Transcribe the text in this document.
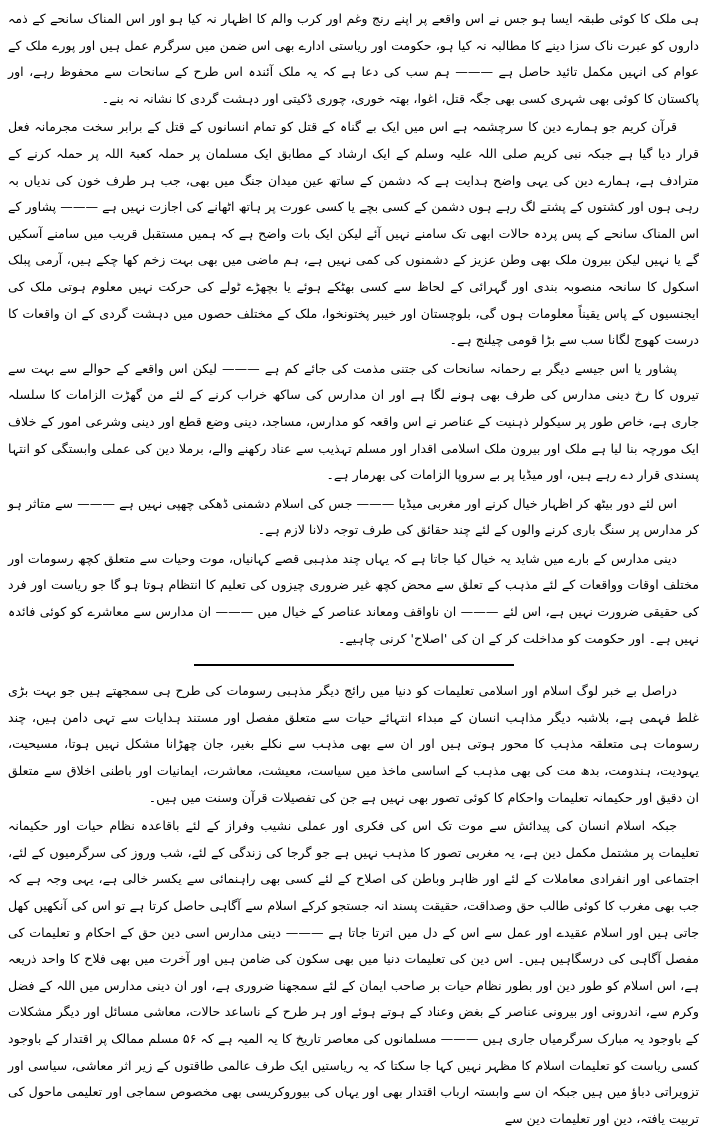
ہی ملک کا کوئی طبقہ ایسا ہو جس نے اس واقعے پر اپنے رنج وغم اور کرب والم کا اظہار نہ کیا ہو اور اس المناک سانحے کے ذمہ داروں کو عبرت ناک سزا دینے کا مطالبہ نہ کیا ہو، حکومت اور ریاستی ادارے بھی اس ضمن میں سرگرم عمل ہیں اور پورے ملک کے عوام کی انہیں مکمل تائید حاصل ہے ——— ہم سب کی دعا ہے کہ یہ ملک آئندہ اس طرح کے سانحات سے محفوظ رہے، اور پاکستان کا کوئی بھی شہری کسی بھی جگہ قتل، اغوا، بھتہ خوری، چوری ڈکیتی اور دہشت گردی کا نشانہ نہ بنے۔

قرآن کریم جو ہمارے دین کا سرچشمہ ہے اس میں ایک بے گناہ کے قتل کو تمام انسانوں کے قتل کے برابر سخت مجرمانہ فعل قرار دیا گیا ہے جبکہ نبی کریم صلی اللہ علیہ وسلم کے ایک ارشاد کے مطابق ایک مسلمان پر حملہ کعبۃ اللہ پر حملہ کرنے کے مترادف ہے، ہمارے دین کی یہی واضح ہدایت ہے کہ دشمن کے ساتھ عین میدان جنگ میں بھی، جب ہر طرف خون کی ندیاں بہ رہی ہوں اور کشتوں کے پشتے لگ رہے ہوں دشمن کے کسی بچے یا کسی عورت پر ہاتھ اٹھانے کی اجازت نہیں ہے ——— پشاور کے اس المناک سانحے کے پس پردہ حالات ابھی تک سامنے نہیں آئے لیکن ایک بات واضح ہے کہ ہمیں مستقبل قریب میں سامنے آسکیں گے یا نہیں لیکن بیرون ملک بھی وطن عزیز کے دشمنوں کی کمی نہیں ہے، ہم ماضی میں بھی بہت زخم کھا چکے ہیں، آرمی پبلک اسکول کا سانحہ منصوبہ بندی اور گہرائی کے لحاظ سے کسی بھٹکے ہوئے یا بچھڑے ٹولے کی حرکت نہیں معلوم ہوتی ملک کی ایجنسیوں کے پاس یقیناً معلومات ہوں گی، بلوچستان اور خیبر پختونخوا، ملک کے مختلف حصوں میں دہشت گردی کے ان واقعات کا درست کھوج لگانا سب سے بڑا قومی چیلنج ہے۔

پشاور یا اس جیسے دیگر بے رحمانہ سانحات کی جتنی مذمت کی جائے کم ہے ——— لیکن اس واقعے کے حوالے سے بہت سے تیروں کا رخ دینی مدارس کی طرف بھی ہونے لگا ہے اور ان مدارس کی ساکھ خراب کرنے کے لئے من گھڑت الزامات کا سلسلہ جاری ہے، خاص طور پر سیکولر ذہنیت کے عناصر نے اس واقعہ کو مدارس، مساجد، دینی وضع قطع اور دینی وشرعی امور کے خلاف ایک مورچہ بنا لیا ہے ملک اور بیرون ملک اسلامی اقدار اور مسلم تہذیب سے عناد رکھنے والے، برملا دین کی عملی وابستگی کو انتہا پسندی قرار دے رہے ہیں، اور میڈیا پر بے سروپا الزامات کی بھرمار ہے۔

اس لئے دور بیٹھ کر اظہار خیال کرنے اور مغربی میڈیا ——— جس کی اسلام دشمنی ڈھکی چھپی نہیں ہے ——— سے متاثر ہو کر مدارس پر سنگ باری کرنے والوں کے لئے چند حقائق کی طرف توجہ دلانا لازم ہے۔

دینی مدارس کے بارے میں شاید یہ خیال کیا جاتا ہے کہ یہاں چند مذہبی قصے کہانیاں، موت وحیات سے متعلق کچھ رسومات اور مختلف اوقات وواقعات کے لئے مذہب کے تعلق سے محض کچھ غیر ضروری چیزوں کی تعلیم کا انتظام ہوتا ہو گا جو ریاست اور فرد کی حقیقی ضرورت نہیں ہے، اس لئے ——— ان ناواقف ومعاند عناصر کے خیال میں ——— ان مدارس سے معاشرے کو کوئی فائدہ نہیں ہے۔ اور حکومت کو مداخلت کر کے ان کی 'اصلاح' کرنی چاہیے۔

دراصل بے خبر لوگ اسلام اور اسلامی تعلیمات کو دنیا میں رائج دیگر مذہبی رسومات کی طرح ہی سمجھتے ہیں جو بہت بڑی غلط فہمی ہے، بلاشبہ دیگر مذاہب انسان کے مبداء انتہائے حیات سے متعلق مفصل اور مستند ہدایات سے تہی دامن ہیں، چند رسومات ہی متعلقہ مذہب کا محور ہوتی ہیں اور ان سے بھی مذہب سے نکلے بغیر، جان چھڑانا مشکل نہیں ہوتا، مسیحیت، یہودیت، ہندومت، بدھ مت کی بھی مذہب کے اساسی ماخذ میں سیاست، معیشت، معاشرت، ایمانیات اور باطنی اخلاق سے متعلق ان دقیق اور حکیمانہ تعلیمات واحکام کا کوئی تصور بھی نہیں ہے جن کی تفصیلات قرآن وسنت میں ہیں۔

جبکہ اسلام انسان کی پیدائش سے موت تک اس کی فکری اور عملی نشیب وفراز کے لئے باقاعدہ نظام حیات اور حکیمانہ تعلیمات پر مشتمل مکمل دین ہے، یہ مغربی تصور کا مذہب نہیں ہے جو گرجا کی زندگی کے لئے، شب وروز کی سرگرمیوں کے لئے، اجتماعی اور انفرادی معاملات کے لئے اور ظاہر وباطن کی اصلاح کے لئے کسی بھی راہنمائی سے یکسر خالی ہے، یہی وجہ ہے کہ جب بھی مغرب کا کوئی طالب حق وصداقت، حقیقت پسند انہ جستجو کرکے اسلام سے آگاہی حاصل کرتا ہے تو اس کی آنکھیں کھل جاتی ہیں اور اسلام عقیدے اور عمل سے اس کے دل میں اترتا جاتا ہے ——— دینی مدارس اسی دین حق کے احکام و تعلیمات کی مفصل آگاہی کی درسگاہیں ہیں۔ اس دین کی تعلیمات دنیا میں بھی سکون کی ضامن ہیں اور آخرت میں بھی فلاح کا واحد ذریعہ ہے، اس اسلام کو طور دین اور بطور نظام حیات بر صاحب ایمان کے لئے سمجھنا ضروری ہے، اور ان دینی مدارس میں اللہ کے فضل وکرم سے، اندرونی اور بیرونی عناصر کے بغض وعناد کے ہوتے ہوئے اور ہر طرح کے ناساعد حالات، معاشی مسائل اور دیگر مشکلات کے باوجود یہ مبارک سرگرمیاں جاری ہیں ——— مسلمانوں کی معاصر تاریخ کا یہ المیہ ہے کہ ۵۶ مسلم ممالک پر اقتدار کے باوجود کسی ریاست کو تعلیمات اسلام کا مظہر نہیں کہا جا سکتا کہ یہ ریاستیں ایک طرف عالمی طاقتوں کے زیر اثر معاشی، سیاسی اور تزویراتی دباؤ میں ہیں جبکہ ان سے وابستہ ارباب اقتدار بھی اور یہاں کی بیوروکریسی بھی مخصوص سماجی اور تعلیمی ماحول کی تربیت یافتہ، دین اور تعلیمات دین سے
